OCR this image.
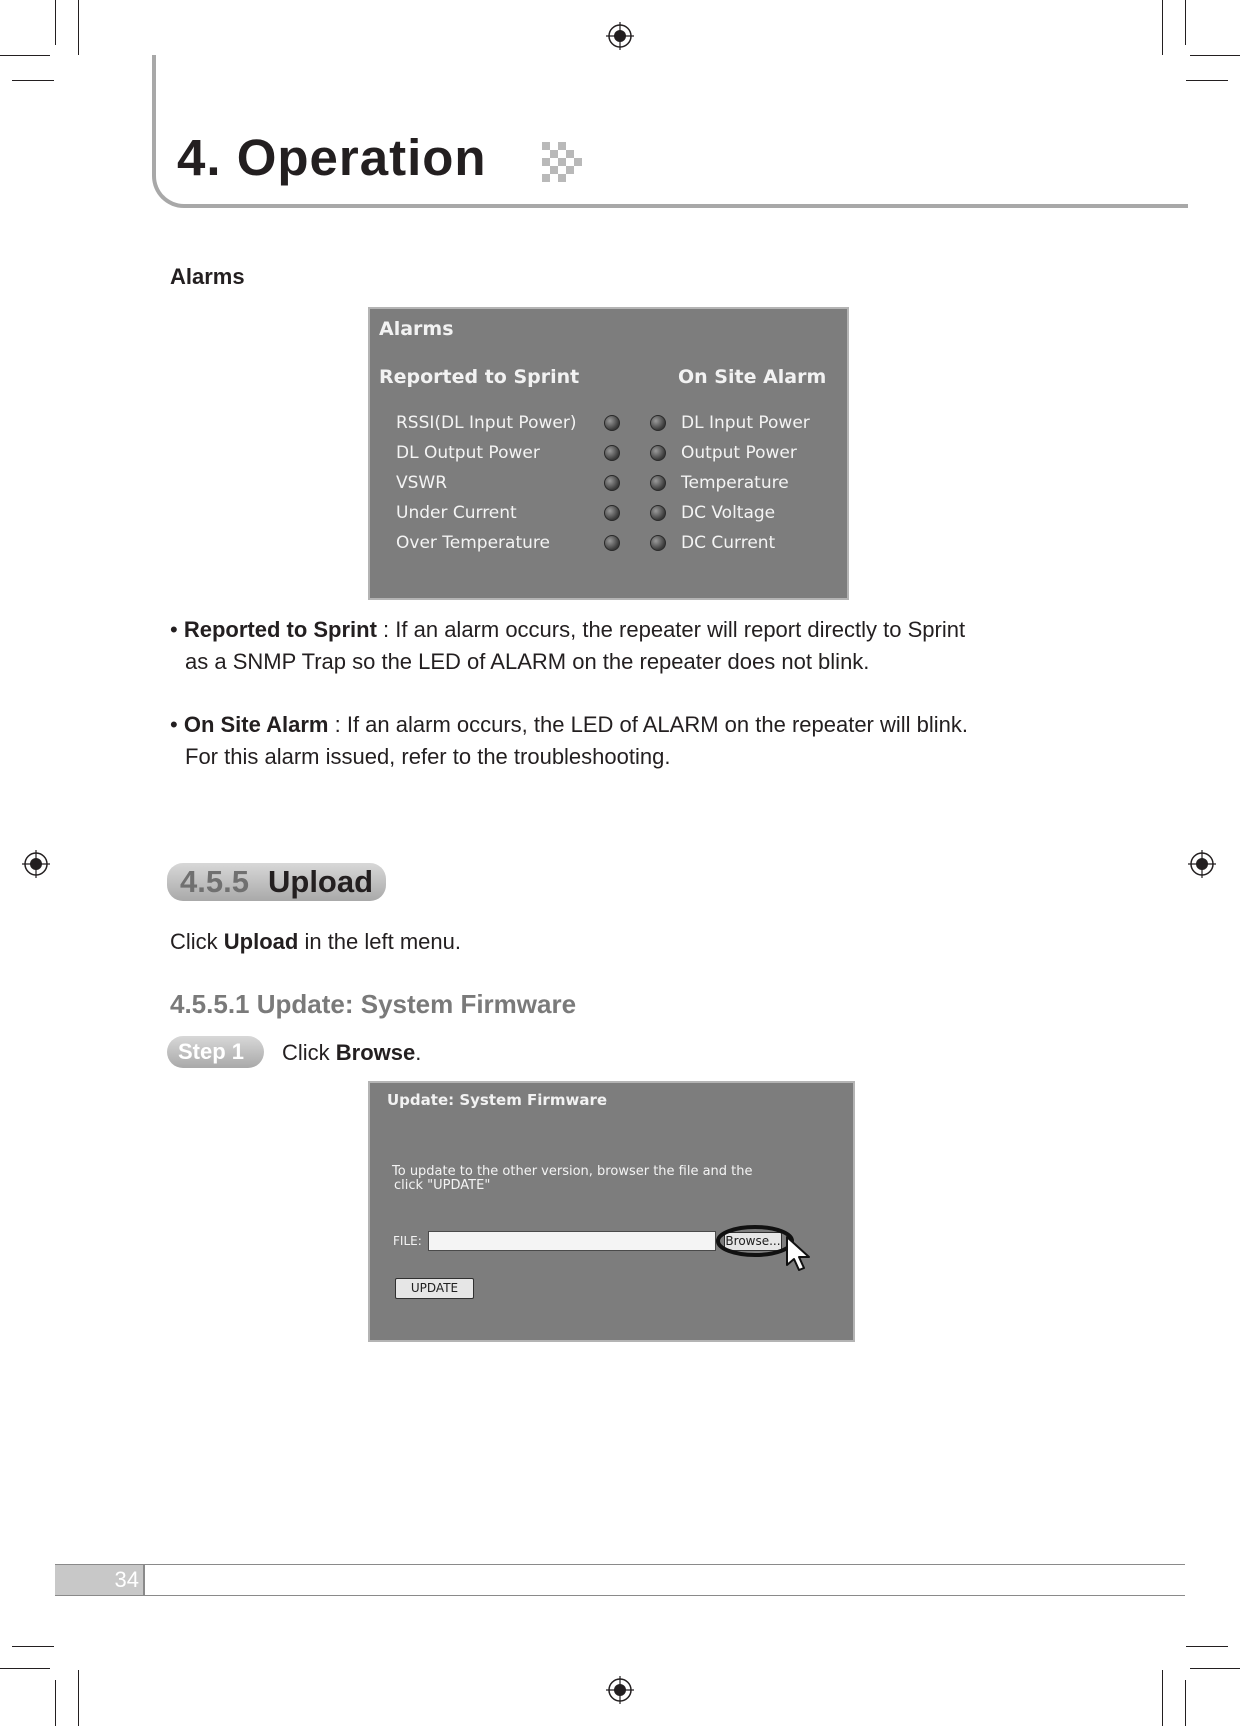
4. Operation
Alarms
Alarms
Reported to Sprint	On Site Alarm
RSSI(DL Input Power)
DL Output Power
VSWR
Under Current
Over Temperature
DL Input Power
Output Power
Temperature
DC Voltage
DC Current
• Reported to Sprint : If an alarm occurs, the repeater will report directly to Sprint
as a SNMP Trap so the LED of ALARM on the repeater does not blink.
• On Site Alarm : If an alarm occurs, the LED of ALARM on the repeater will blink.
For this alarm issued, refer to the troubleshooting.
4.5.5 Upload
Click Upload in the left menu.
4.5.5.1 Update: System Firmware
Step 1 Click Browse.
Update: System Firmware
To update to the other version, browser the file and the
click "UPDATE"
FILE:	Browse...
UPDATE
34
